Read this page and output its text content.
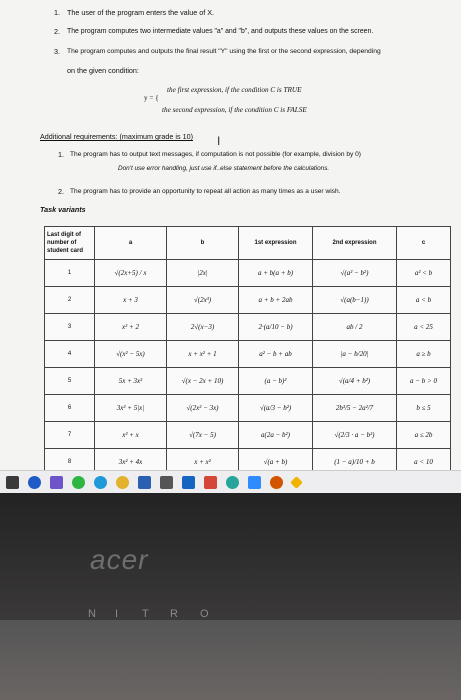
1. The user of the program enters the value of X.
2. The program computes two intermediate values "a" and "b", and outputs these values on the screen.
3. The program computes and outputs the final result "Y" using the first or the second expression, depending
on the given condition:
y = {
the first expression, if the condition C is TRUE
the second expression, if the condition C is FALSE
Additional requirements: (maximum grade is 10) I
1. The program has to output text messages, if computation is not possible (for example, division by 0)
Don't use error handling, just use if..else statement before the calculations.
2. The program has to provide an opportunity to repeat all action as many times as a user wish.
Task variants
Last digit of number of student card	a	b	1st expression	2nd expression	c
1	√(2x+5) / x	|2x|	a + b(a + b)	√(a² − b²)	a² < b
2	x + 3	√(2x³)	a + b + 2ab	√(a(b−1))	a < b
3	x² + 2	2√(x−3)	2·(a/10 − b)	ab / 2	a < 25
4	√(x² − 5x)	x + x² + 1	a² − b + ab	|a − b/20|	a ≥ b
5	5x + 3x²	√(x − 2x + 10)	(a − b)²	√(a/4 + b²)	a − b > 0
6	3x² + 5|x|	√(2x² − 3x)	√(a/3 − b²)	2b³/5 − 2a²/7	b ≤ 5
7	x² + x	√(7x − 5)	a(2a − b²)	√(2/3 · a − b²)	a ≤ 2b
8	3x² + 4x	x + x²	√(a + b)	(1 − a)/10 + b	a < 10

acer
N I T R O
